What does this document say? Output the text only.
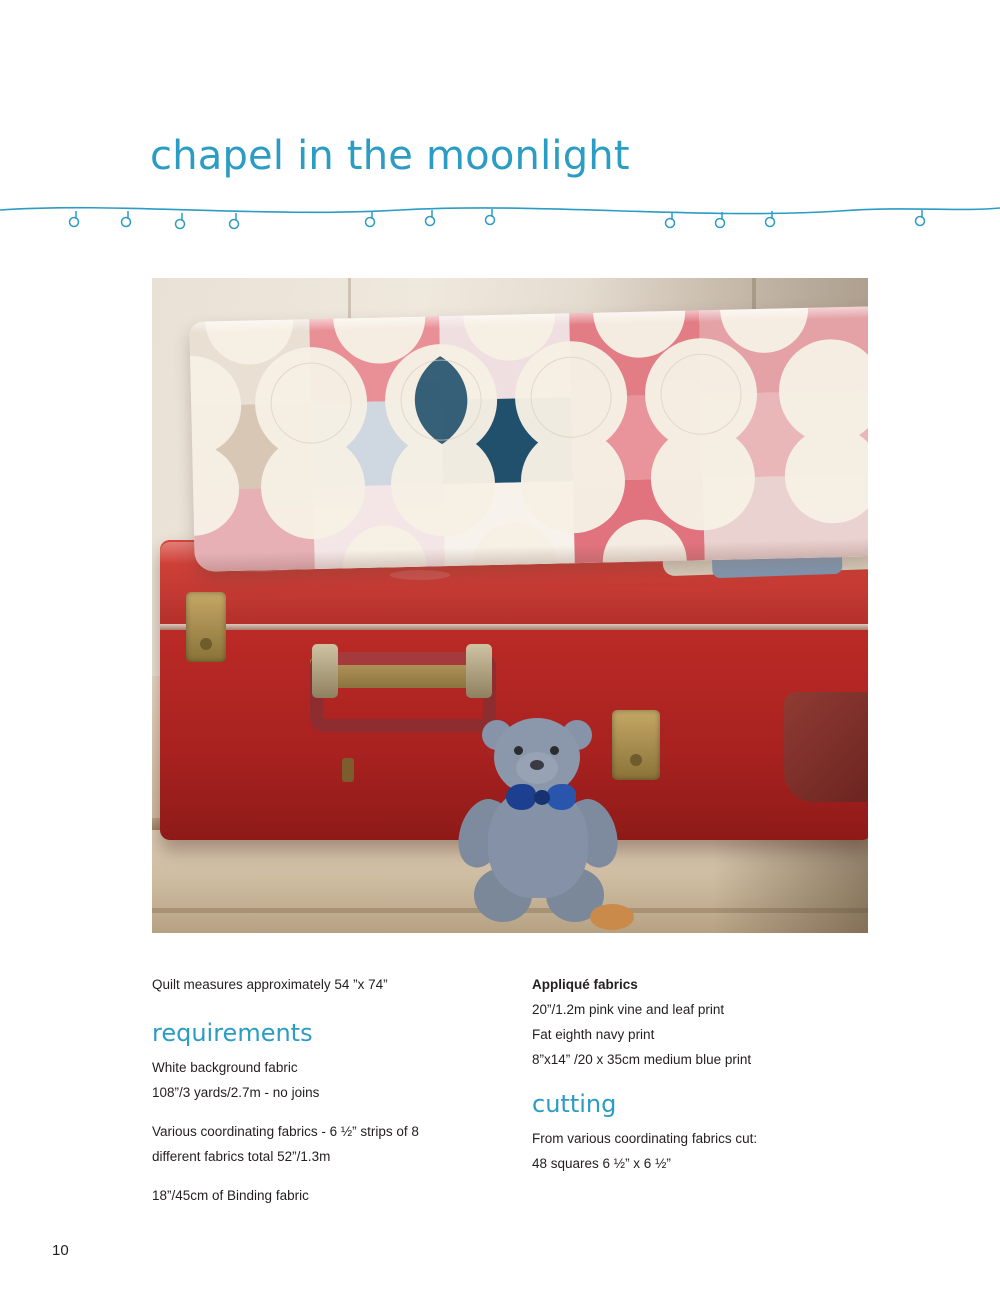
chapel in the moonlight
Quilt measures approximately 54 ”x 74”
requirements
White background fabric
108”/3 yards/2.7m - no joins
Various coordinating fabrics - 6 ½” strips of 8
different fabrics total 52”/1.3m
18”/45cm of Binding fabric
Appliqué fabrics
20”/1.2m pink vine and leaf print
Fat eighth navy print
8”x14” /20 x 35cm medium blue print
cutting
From various coordinating fabrics cut:
48 squares 6 ½” x 6 ½”
10
